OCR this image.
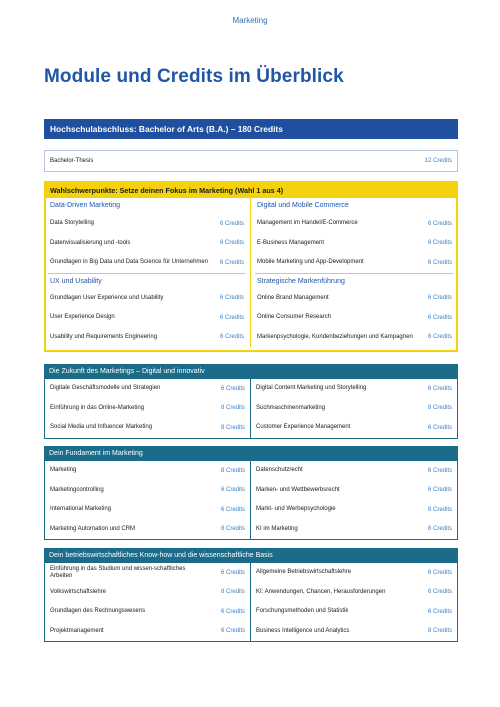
Marketing
Module und Credits im Überblick
Hochschulabschluss: Bachelor of Arts (B.A.) – 180 Credits
Bachelor-Thesis	12 Credits
Wahlschwerpunkte: Setze deinen Fokus im Marketing (Wahl 1 aus 4)
Data-Driven Marketing
Data Storytelling	6 Credits
Datenvisualisierung und -tools	6 Credits
Grundlagen in Big Data und Data Science für Unternehmen 6 Credits
UX und Usability
Grundlagen User Experience und Usability	6 Credits
User Experience Design	6 Credits
Usability und Requirements Engineering	6 Credits
Digital und Mobile Commerce
Management im Handel/E-Commerce	6 Credits
E-Business Management	6 Credits
Mobile Marketing und App-Development	6 Credits
Strategische Markenführung
Online Brand Management	6 Credits
Online Consumer Research	6 Credits
Markenpsychologie, Kundenbeziehungen und Kampagnen	6 Credits
Die Zukunft des Marketings – Digital und innovativ
Digitale Geschäftsmodelle und Strategien	6 Credits
Einführung in das Online-Marketing	8 Credits
Social Media und Influencer Marketing	8 Credits
Digital Content Marketing und Storytelling	6 Credits
Suchmaschinenmarketing	8 Credits
Customer Experience Management	6 Credits
Dein Fundament im Marketing
Marketing	8 Credits
Marketingcontrolling	6 Credits
International Marketing	6 Credits
Marketing Automation und CRM	8 Credits
Datenschutzrecht	6 Credits
Marken- und Wettbewerbsrecht	6 Credits
Markt- und Werbepsychologie	8 Credits
KI im Marketing	8 Credits
Dein betriebswirtschaftliches Know-how und die wissenschaftliche Basis
Einführung in das Studium und wissen-schaftliches Arbeiten	6 Credits
Volkswirtschaftslehre	8 Credits
Grundlagen des Rechnungswesens	6 Credits
Projektmanagement	6 Credits
Allgemeine Betriebswirtschaftslehre	6 Credits
KI: Anwendungen, Chancen, Herausforderungen	6 Credits
Forschungsmethoden und Statistik	6 Credits
Business Intelligence und Analytics	8 Credits
